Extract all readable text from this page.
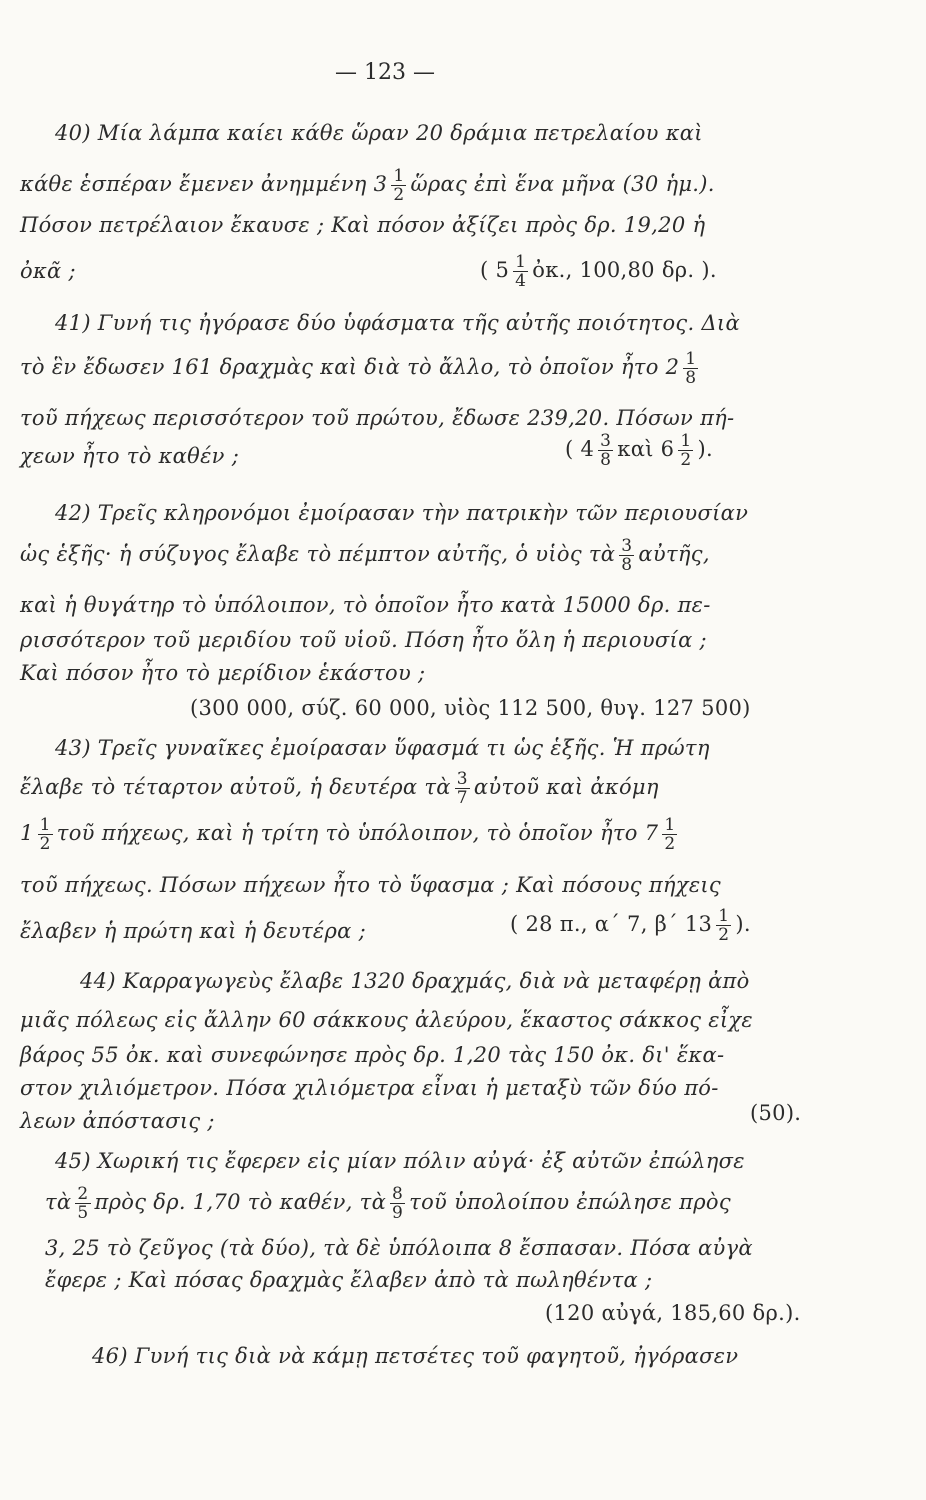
— 123 —

40) Μία λάμπα καίει κάθε ὥραν 20 δράμια πετρελαίου καὶ

κάθε ἑσπέραν ἔμενεν ἀνημμένη $3 \frac{1}{2}$ ὥρας ἐπὶ ἕνα μῆνα (30 ἡμ.).

Πόσον πετρέλαιον ἔκαυσε ; Καὶ πόσον ἀξίζει πρὸς δρ. 19,20 ἡ

ὀκᾶ ;	( $5 \frac{1}{4}$ ὀκ., 100,80 δρ. ).

41) Γυνή τις ἠγόρασε δύο ὑφάσματα τῆς αὐτῆς ποιότητος. Διὰ

τὸ ἓν ἔδωσεν 161 δραχμὰς καὶ διὰ τὸ ἄλλο, τὸ ὁποῖον ἦτο $2 \frac{1}{8}$

τοῦ πήχεως περισσότερον τοῦ πρώτου, ἔδωσε 239,20. Πόσων πή-

χεων ἦτο τὸ καθέν ;	( $4 \frac{3}{8}$ καὶ $6 \frac{1}{2}$ ).

42) Τρεῖς κληρονόμοι ἐμοίρασαν τὴν πατρικὴν τῶν περιουσίαν

ὡς ἑξῆς· ἡ σύζυγος ἔλαβε τὸ πέμπτον αὐτῆς, ὁ υἱὸς τὰ $\frac{3}{8}$ αὐτῆς,

καὶ ἡ θυγάτηρ τὸ ὑπόλοιπον, τὸ ὁποῖον ἦτο κατὰ 15000 δρ. πε-

ρισσότερον τοῦ μεριδίου τοῦ υἱοῦ. Πόση ἦτο ὅλη ἡ περιουσία ;

Καὶ πόσον ἦτο τὸ μερίδιον ἑκάστου ;

(300 000, σύζ. 60 000, υἱὸς 112 500, θυγ. 127 500)

43) Τρεῖς γυναῖκες ἐμοίρασαν ὕφασμά τι ὡς ἑξῆς. Ἡ πρώτη

ἔλαβε τὸ τέταρτον αὐτοῦ, ἡ δευτέρα τὰ $\frac{3}{7}$ αὐτοῦ καὶ ἀκόμη

$1 \frac{1}{2}$ τοῦ πήχεως, καὶ ἡ τρίτη τὸ ὑπόλοιπον, τὸ ὁποῖον ἦτο $7 \frac{1}{2}$

τοῦ πήχεως. Πόσων πήχεων ἦτο τὸ ὕφασμα ; Καὶ πόσους πήχεις

ἔλαβεν ἡ πρώτη καὶ ἡ δευτέρα ;	( 28 π., α´ 7, β´ $13 \frac{1}{2}$ ).

44) Καρραγωγεὺς ἔλαβε 1320 δραχμάς, διὰ νὰ μεταφέρῃ ἀπὸ

μιᾶς πόλεως εἰς ἄλλην 60 σάκκους ἀλεύρου, ἕκαστος σάκκος εἶχε

βάρος 55 ὀκ. καὶ συνεφώνησε πρὸς δρ. 1,20 τὰς 150 ὀκ. δι' ἕκα-

στον χιλιόμετρον. Πόσα χιλιόμετρα εἶναι ἡ μεταξὺ τῶν δύο πό-

λεων ἀπόστασις ;	(50).

45) Χωρική τις ἔφερεν εἰς μίαν πόλιν αὐγά· ἐξ αὐτῶν ἐπώλησε

τὰ $\frac{2}{5}$ πρὸς δρ. 1,70 τὸ καθέν, τὰ $\frac{8}{9}$ τοῦ ὑπολοίπου ἐπώλησε πρὸς

3, 25 τὸ ζεῦγος (τὰ δύο), τὰ δὲ ὑπόλοιπα 8 ἔσπασαν. Πόσα αὐγὰ

ἔφερε ; Καὶ πόσας δραχμὰς ἔλαβεν ἀπὸ τὰ πωληθέντα ;

(120 αὐγά, 185,60 δρ.).

46) Γυνή τις διὰ νὰ κάμῃ πετσέτες τοῦ φαγητοῦ, ἠγόρασεν
